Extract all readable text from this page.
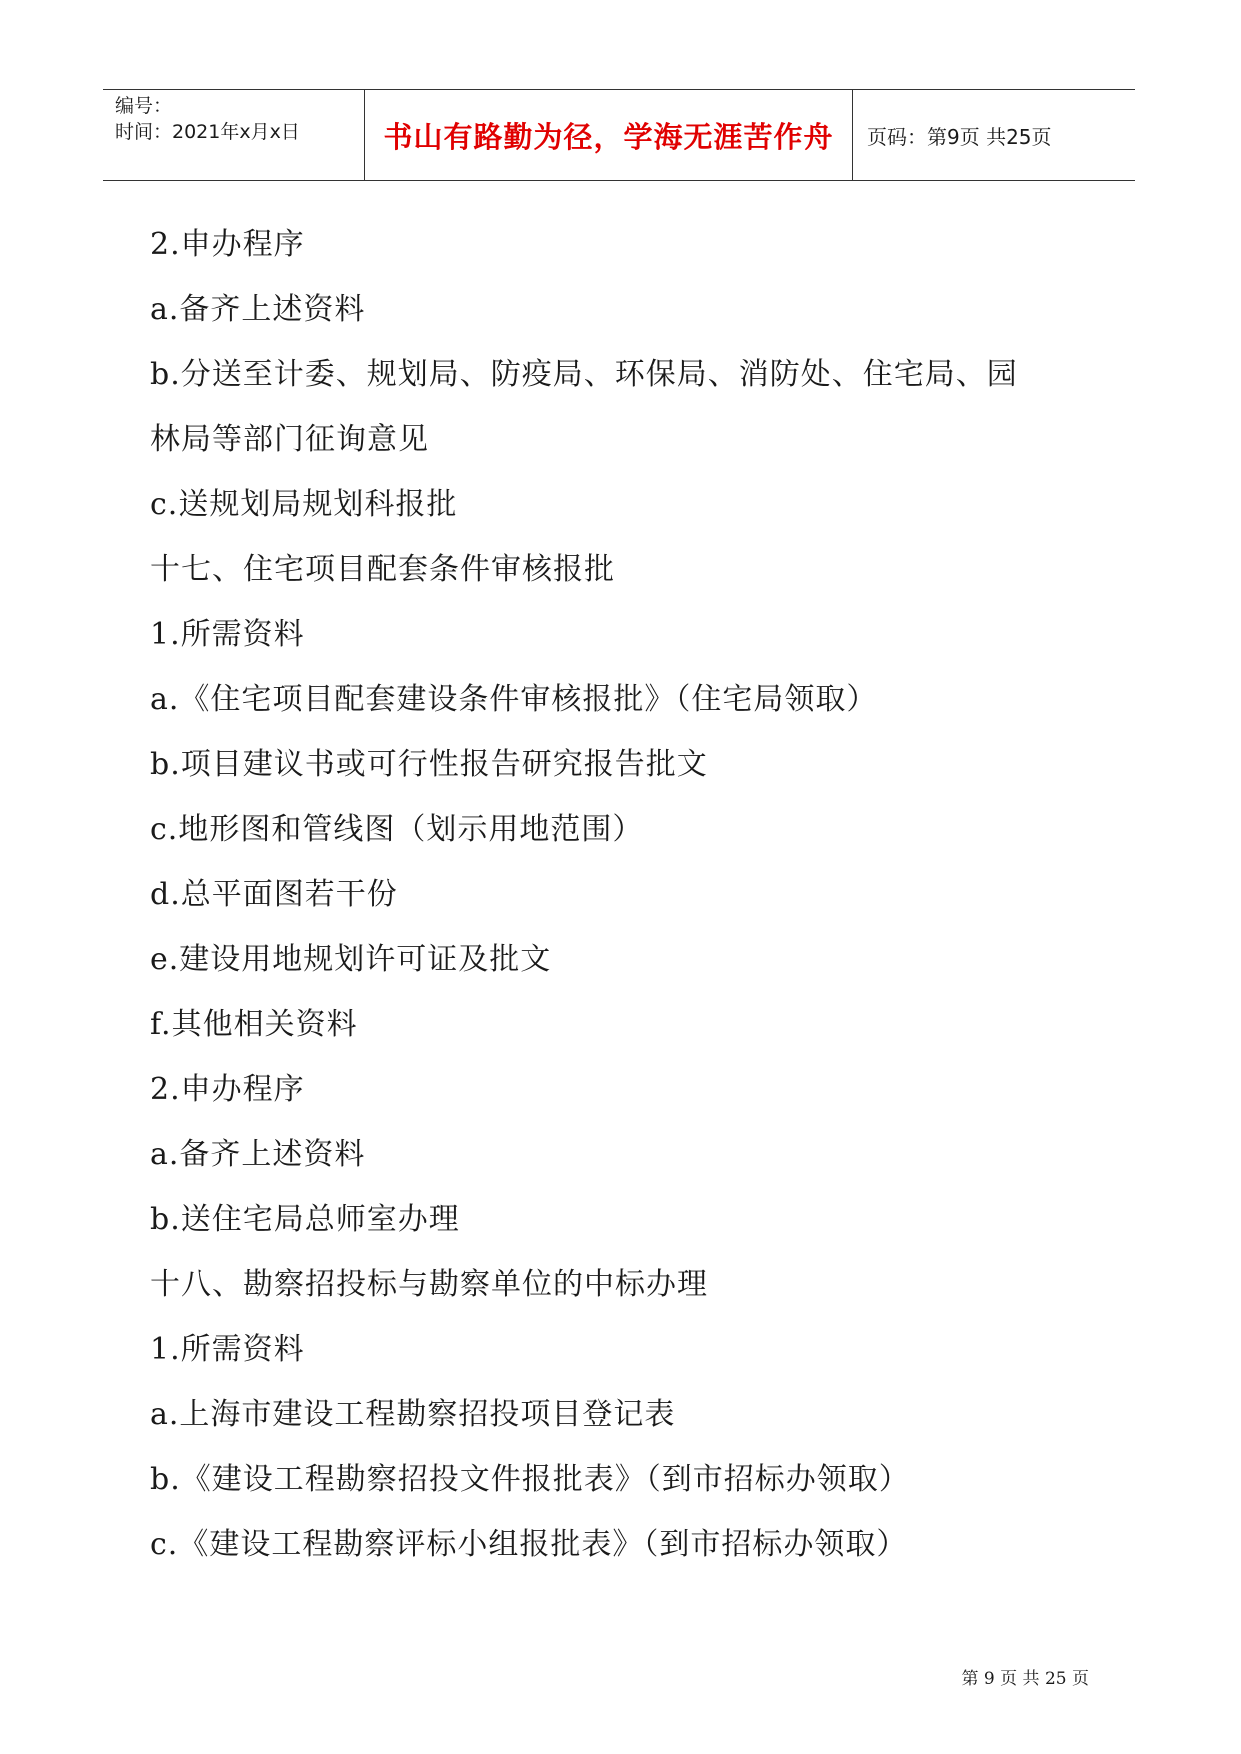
编号：
时间：2021年x月x日	书山有路勤为径，学海无涯苦作舟	页码：第9页 共25页
2.申办程序
a.备齐上述资料
b.分送至计委、规划局、防疫局、环保局、消防处、住宅局、园
林局等部门征询意见
c.送规划局规划科报批
十七、住宅项目配套条件审核报批
1.所需资料
a.《住宅项目配套建设条件审核报批》（住宅局领取）
b.项目建议书或可行性报告研究报告批文
c.地形图和管线图（划示用地范围）
d.总平面图若干份
e.建设用地规划许可证及批文
f.其他相关资料
2.申办程序
a.备齐上述资料
b.送住宅局总师室办理
十八、勘察招投标与勘察单位的中标办理
1.所需资料
a.上海市建设工程勘察招投项目登记表
b.《建设工程勘察招投文件报批表》（到市招标办领取）
c.《建设工程勘察评标小组报批表》（到市招标办领取）
第 9 页 共 25 页
